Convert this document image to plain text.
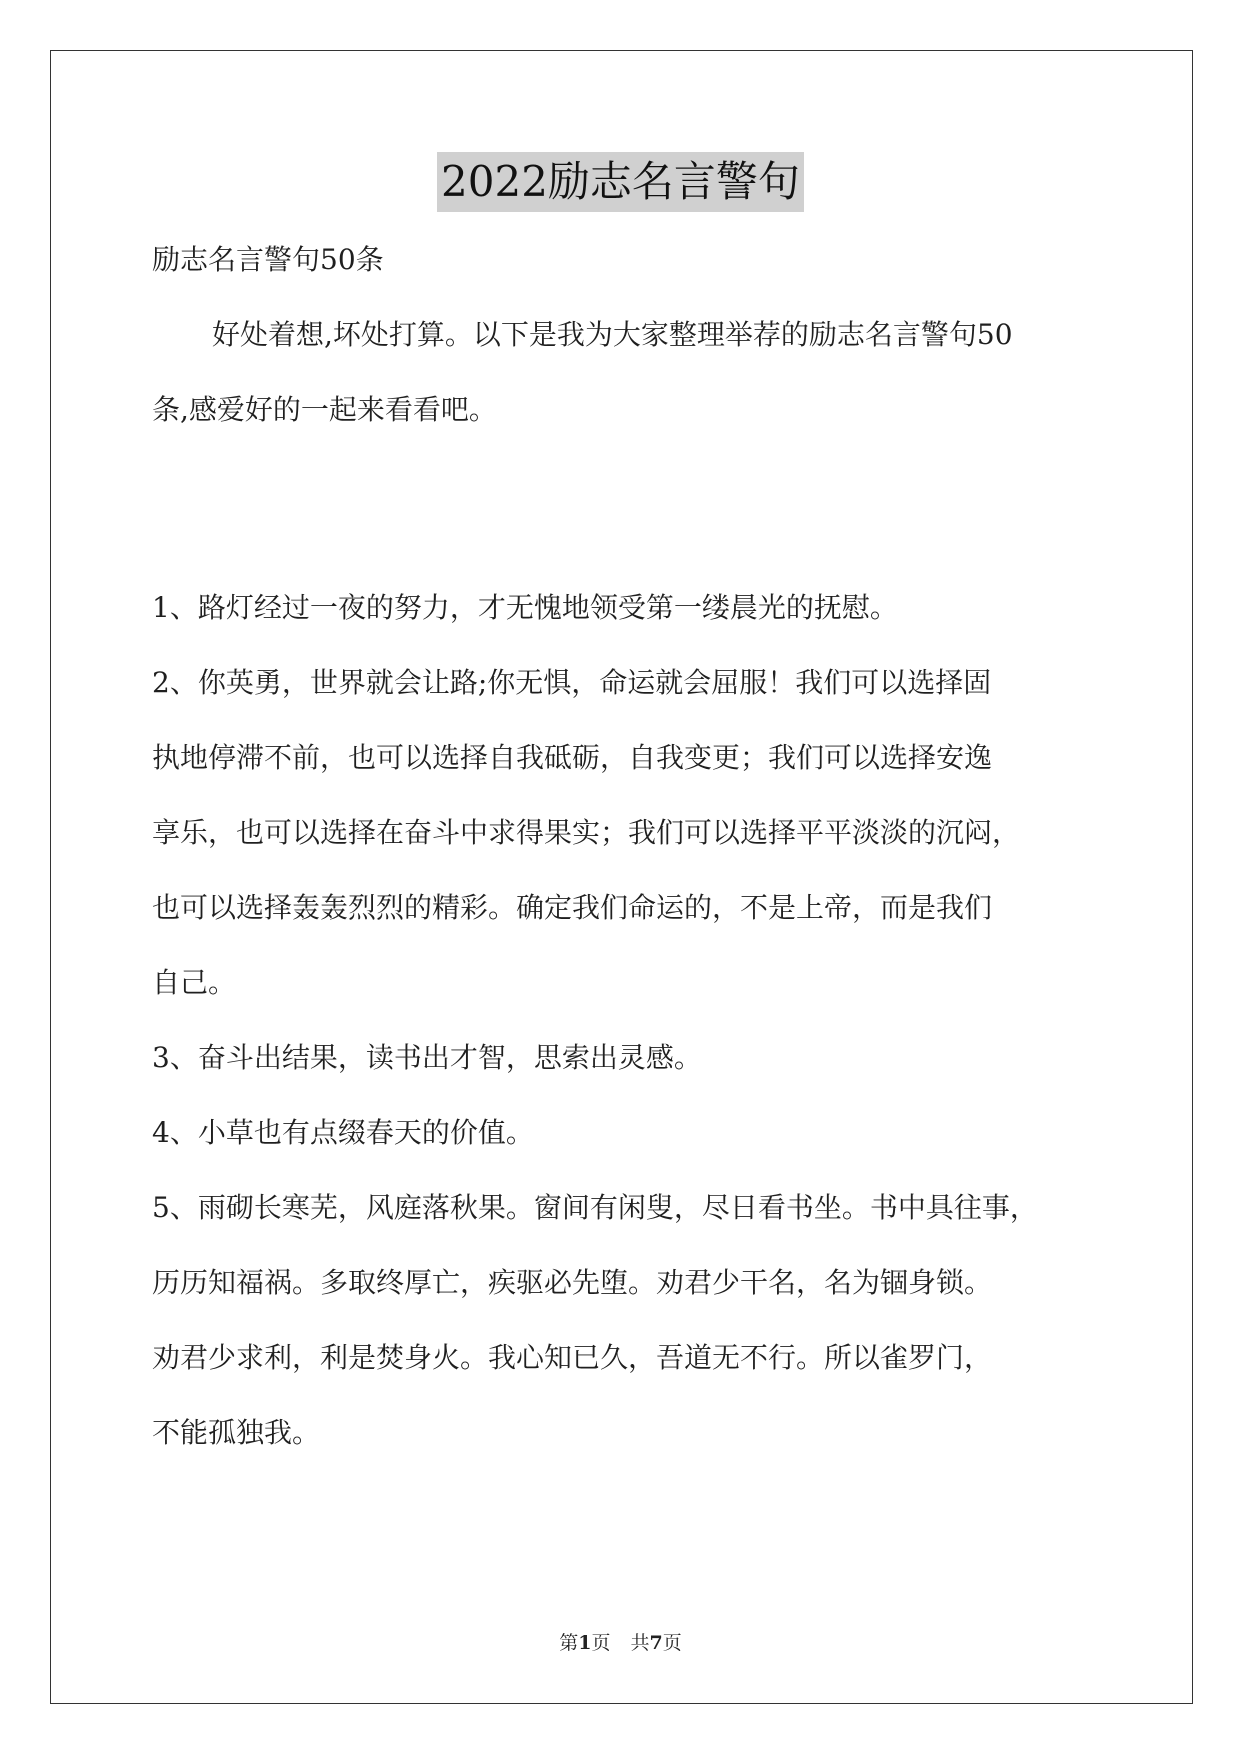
2022励志名言警句
励志名言警句50条
好处着想,坏处打算。以下是我为大家整理举荐的励志名言警句50
条,感爱好的一起来看看吧。
1、路灯经过一夜的努力，才无愧地领受第一缕晨光的抚慰。
2、你英勇，世界就会让路;你无惧，命运就会屈服！我们可以选择固
执地停滞不前，也可以选择自我砥砺，自我变更；我们可以选择安逸
享乐，也可以选择在奋斗中求得果实；我们可以选择平平淡淡的沉闷，
也可以选择轰轰烈烈的精彩。确定我们命运的，不是上帝，而是我们
自己。
3、奋斗出结果，读书出才智，思索出灵感。
4、小草也有点缀春天的价值。
5、雨砌长寒芜，风庭落秋果。窗间有闲叟，尽日看书坐。书中具往事，
历历知福祸。多取终厚亡，疾驱必先堕。劝君少干名，名为锢身锁。
劝君少求利，利是焚身火。我心知已久，吾道无不行。所以雀罗门，
不能孤独我。
第1页 共7页
